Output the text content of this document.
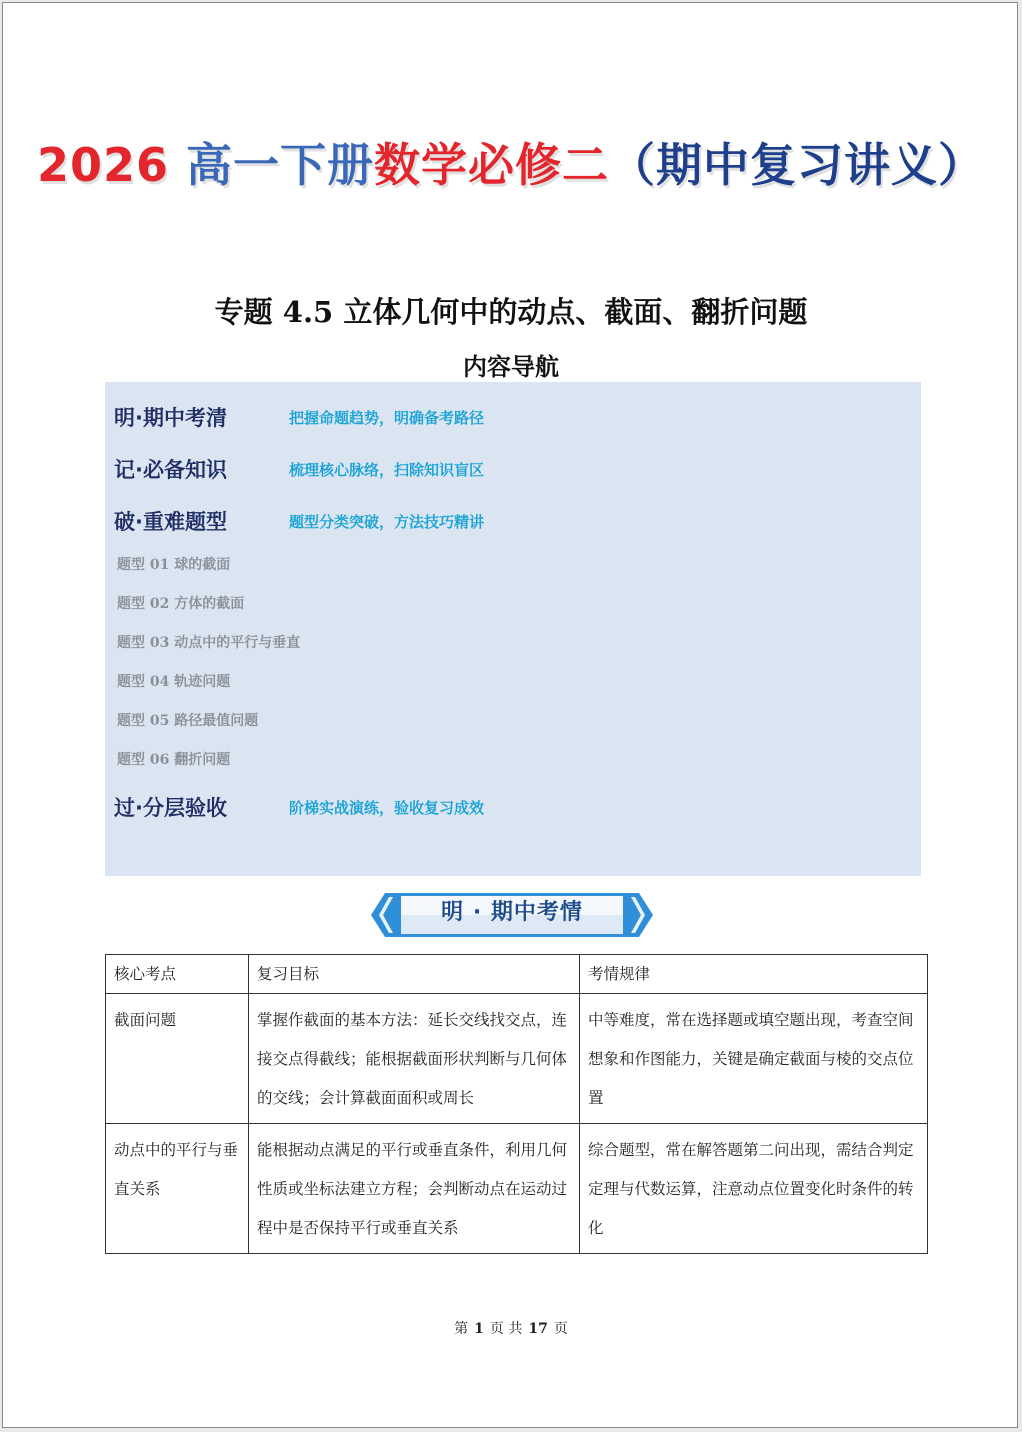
2026 高一下册数学必修二（期中复习讲义）
专题 4.5 立体几何中的动点、截面、翻折问题
内容导航
明·期中考清	把握命题趋势，明确备考路径
记·必备知识	梳理核心脉络，扫除知识盲区
破·重难题型	题型分类突破，方法技巧精讲
题型 01 球的截面
题型 02 方体的截面
题型 03 动点中的平行与垂直
题型 04 轨迹问题
题型 05 路径最值问题
题型 06 翻折问题
过·分层验收	阶梯实战演练，验收复习成效
明 · 期中考情
核心考点	复习目标	考情规律
截面问题	掌握作截面的基本方法：延长交线找交点，连接交点得截线；能根据截面形状判断与几何体的交线；会计算截面面积或周长	中等难度，常在选择题或填空题出现，考查空间想象和作图能力，关键是确定截面与棱的交点位置
动点中的平行与垂直关系	能根据动点满足的平行或垂直条件，利用几何性质或坐标法建立方程；会判断动点在运动过程中是否保持平行或垂直关系	综合题型，常在解答题第二问出现，需结合判定定理与代数运算，注意动点位置变化时条件的转化
第 1 页 共 17 页
